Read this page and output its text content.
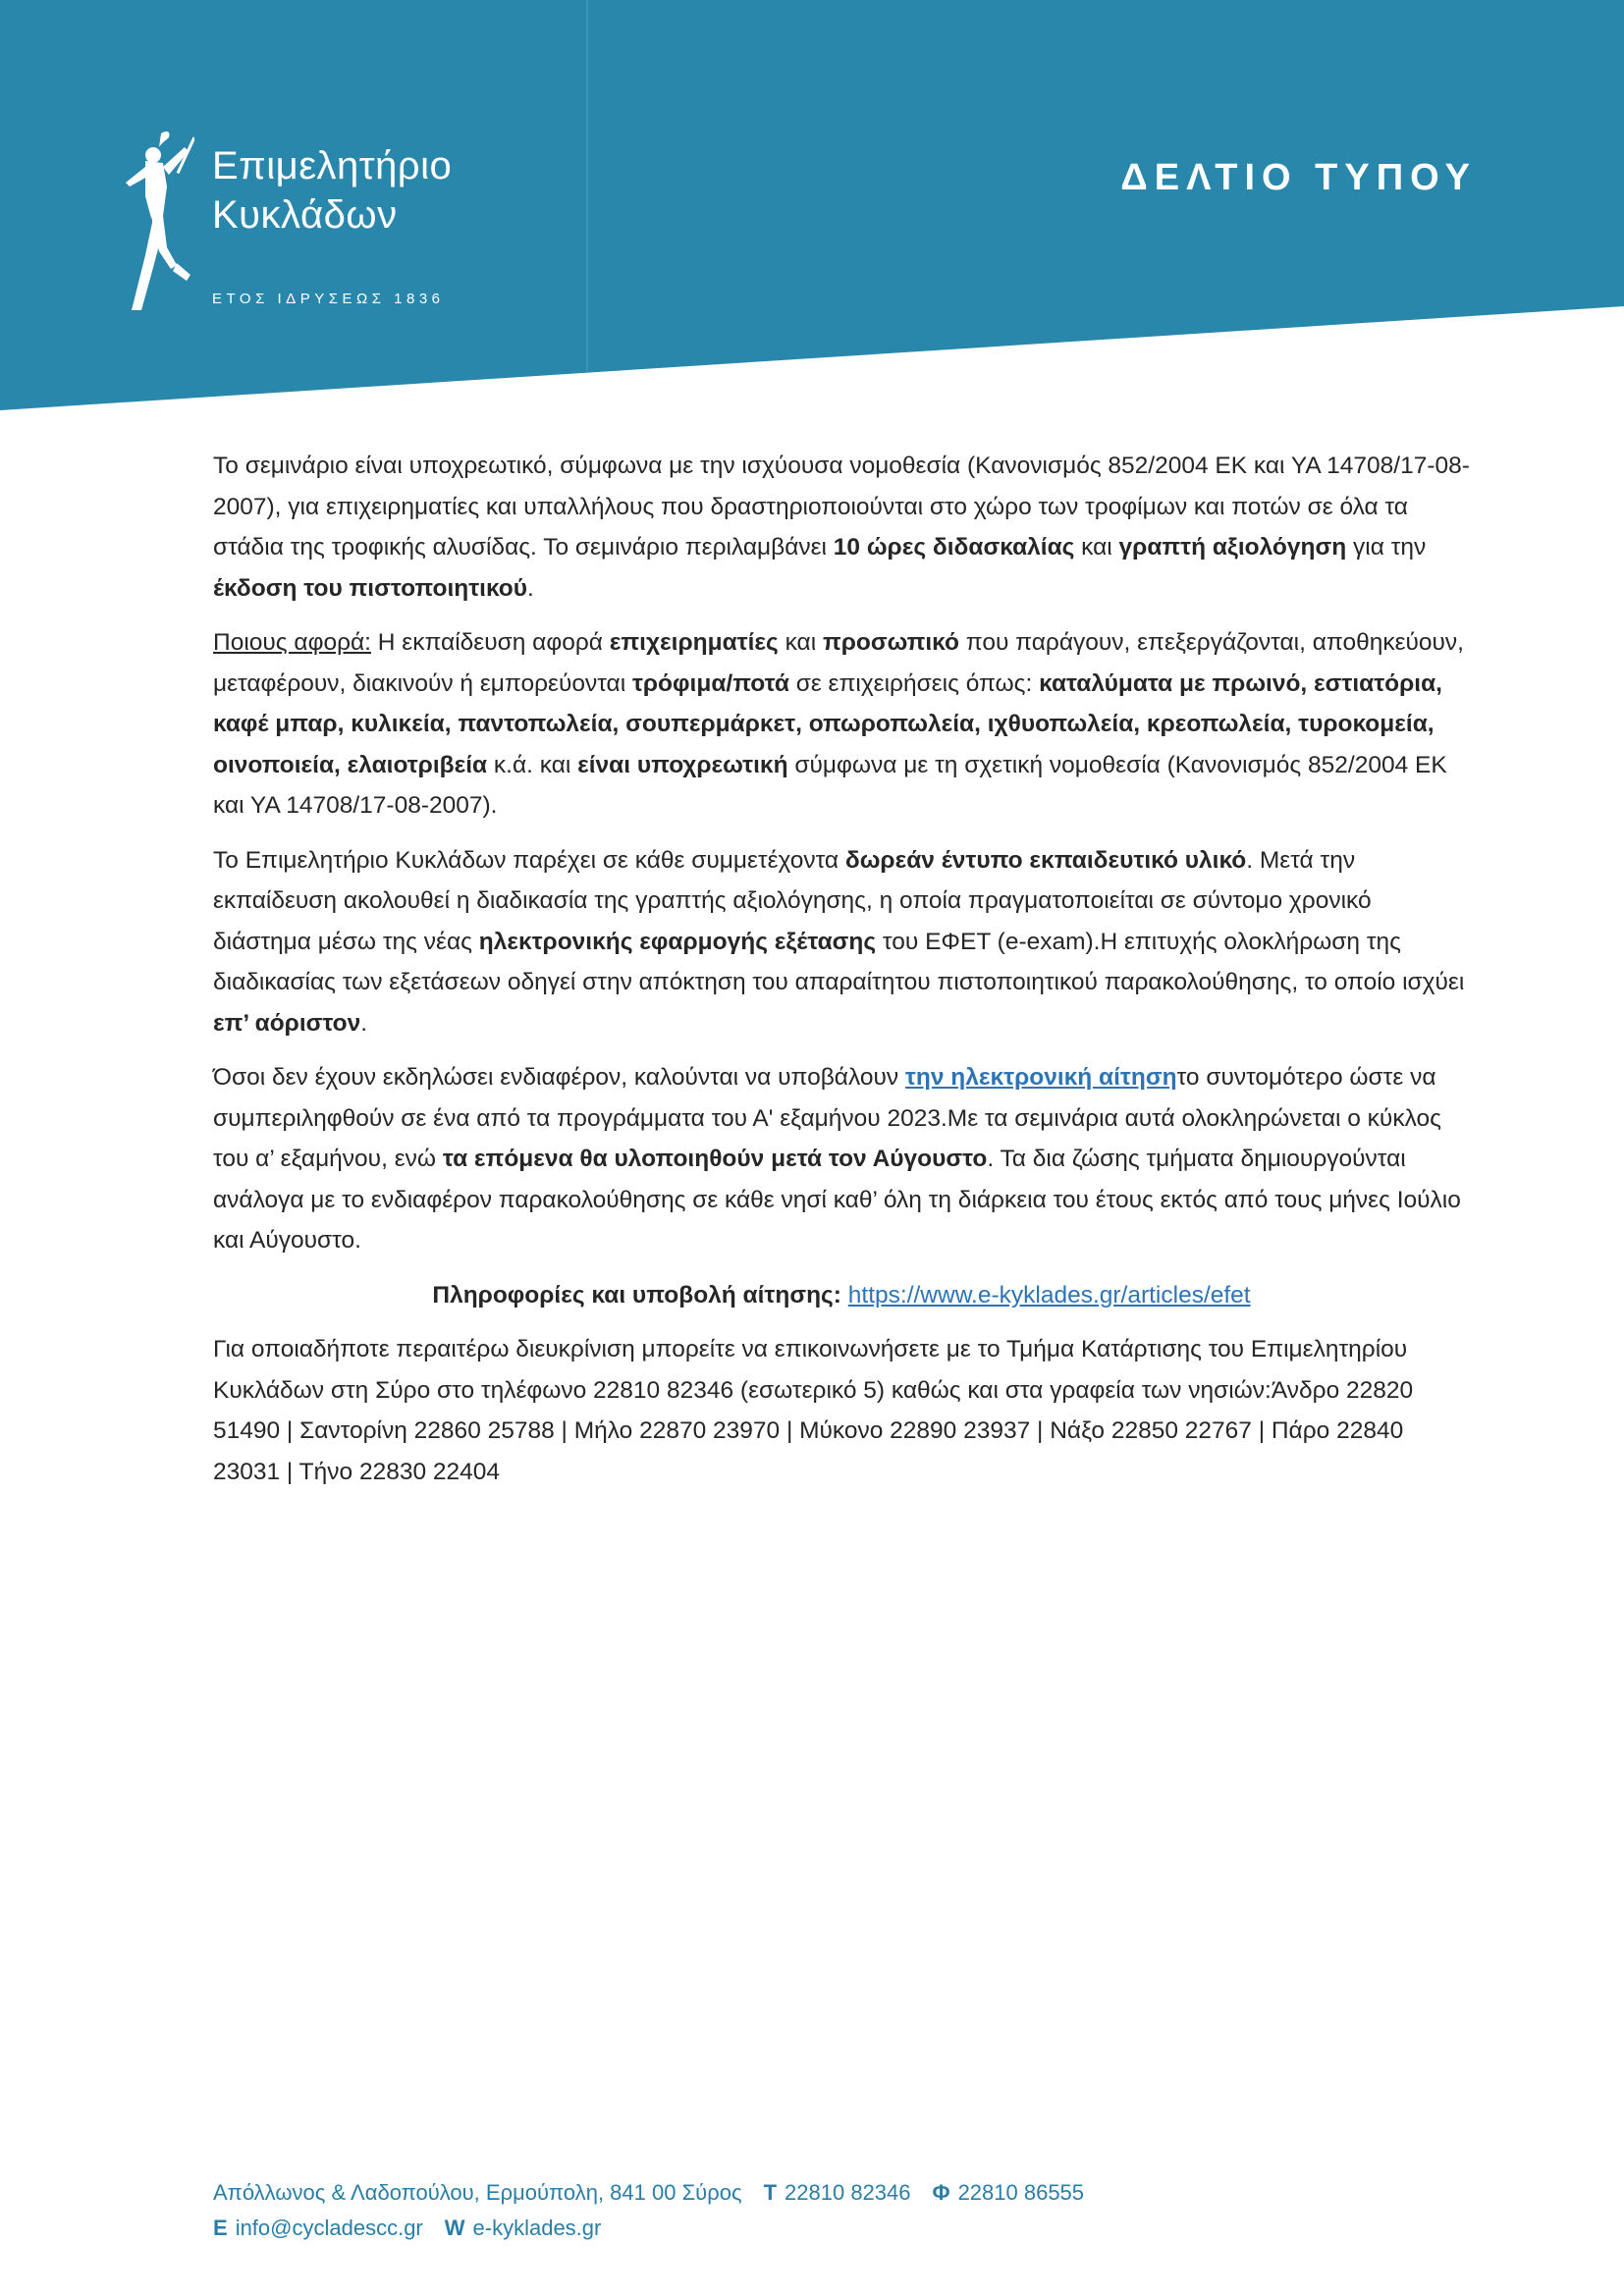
Επιμελητήριο
Κυκλάδων
ΕΤΟΣ ΙΔΡΥΣΕΩΣ 1836
ΔΕΛΤΙΟ ΤΥΠΟΥ

Το σεμινάριο είναι υποχρεωτικό, σύμφωνα με την ισχύουσα νομοθεσία (Κανονισμός 852/2004 ΕΚ και ΥΑ 14708/17-08-2007), για επιχειρηματίες και υπαλλήλους που δραστηριοποιούνται στο χώρο των τροφίμων και ποτών σε όλα τα στάδια της τροφικής αλυσίδας. Το σεμινάριο περιλαμβάνει 10 ώρες διδασκαλίας και γραπτή αξιολόγηση για την έκδοση του πιστοποιητικού.

Ποιους αφορά: Η εκπαίδευση αφορά επιχειρηματίες και προσωπικό που παράγουν, επεξεργάζονται, αποθηκεύουν, μεταφέρουν, διακινούν ή εμπορεύονται τρόφιμα/ποτά σε επιχειρήσεις όπως: καταλύματα με πρωινό, εστιατόρια, καφέ μπαρ, κυλικεία, παντοπωλεία, σουπερμάρκετ, οπωροπωλεία, ιχθυοπωλεία, κρεοπωλεία, τυροκομεία, οινοποιεία, ελαιοτριβεία κ.ά. και είναι υποχρεωτική σύμφωνα με τη σχετική νομοθεσία (Κανονισμός 852/2004 ΕΚ και ΥΑ 14708/17-08-2007).

Το Επιμελητήριο Κυκλάδων παρέχει σε κάθε συμμετέχοντα δωρεάν έντυπο εκπαιδευτικό υλικό. Μετά την εκπαίδευση ακολουθεί η διαδικασία της γραπτής αξιολόγησης, η οποία πραγματοποιείται σε σύντομο χρονικό διάστημα μέσω της νέας ηλεκτρονικής εφαρμογής εξέτασης του ΕΦΕΤ (e-exam).Η επιτυχής ολοκλήρωση της διαδικασίας των εξετάσεων οδηγεί στην απόκτηση του απαραίτητου πιστοποιητικού παρακολούθησης, το οποίο ισχύει επ’ αόριστον.

Όσοι δεν έχουν εκδηλώσει ενδιαφέρον, καλούνται να υποβάλουν την ηλεκτρονική αίτησητο συντομότερο ώστε να συμπεριληφθούν σε ένα από τα προγράμματα του Α' εξαμήνου 2023.Με τα σεμινάρια αυτά ολοκληρώνεται ο κύκλος του α’ εξαμήνου, ενώ τα επόμενα θα υλοποιηθούν μετά τον Αύγουστο. Τα δια ζώσης τμήματα δημιουργούνται ανάλογα με το ενδιαφέρον παρακολούθησης σε κάθε νησί καθ’ όλη τη διάρκεια του έτους εκτός από τους μήνες Ιούλιο και Αύγουστο.

Πληροφορίες και υποβολή αίτησης: https://www.e-kyklades.gr/articles/efet

Για οποιαδήποτε περαιτέρω διευκρίνιση μπορείτε να επικοινωνήσετε με το Τμήμα Κατάρτισης του Επιμελητηρίου Κυκλάδων στη Σύρο στο τηλέφωνο 22810 82346 (εσωτερικό 5) καθώς και στα γραφεία των νησιών:Άνδρο 22820 51490 | Σαντορίνη 22860 25788 | Μήλο 22870 23970 | Μύκονο 22890 23937 | Νάξο 22850 22767 | Πάρο 22840 23031 | Τήνο 22830 22404

Απόλλωνος & Λαδοπούλου, Ερμούπολη, 841 00 Σύρος Τ 22810 82346 Φ 22810 86555
Ε info@cycladescc.gr W e-kyklades.gr
